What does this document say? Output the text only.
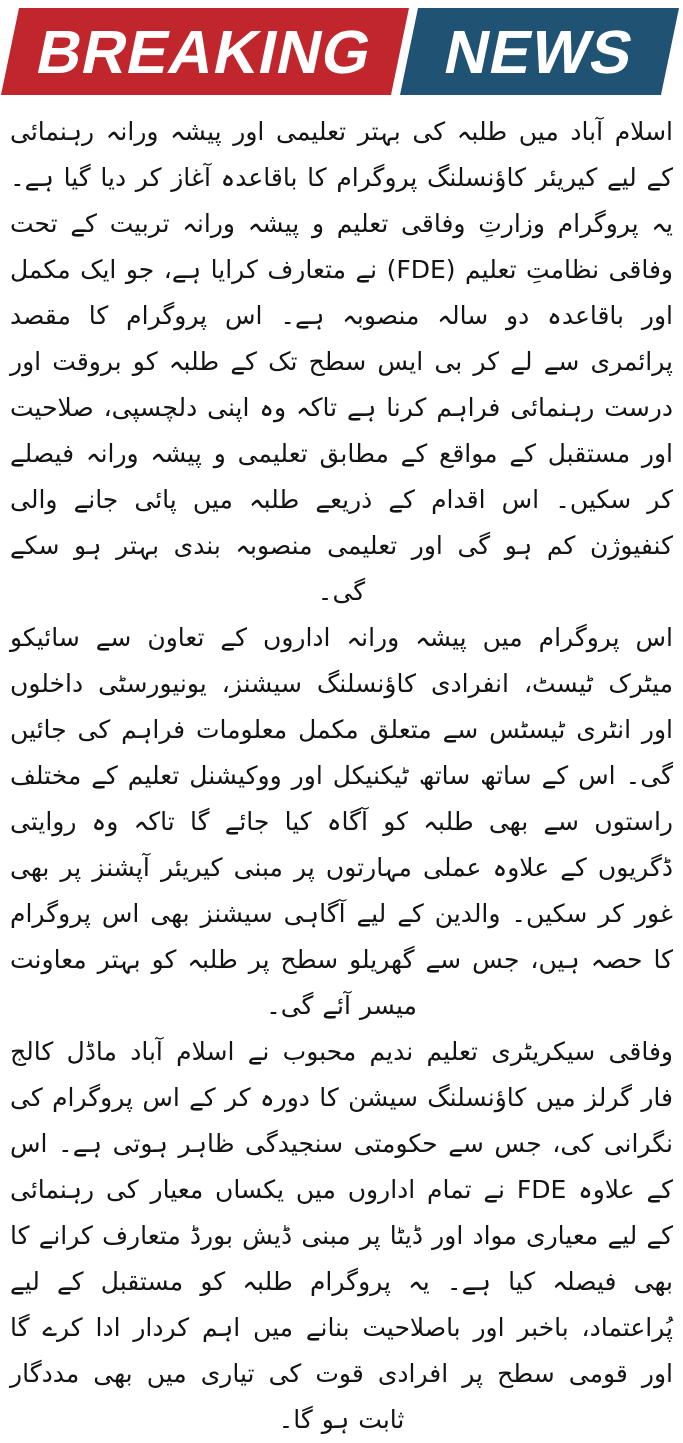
BREAKING NEWS

اسلام آباد میں طلبہ کی بہتر تعلیمی اور پیشہ ورانہ رہنمائی کے لیے کیریئر کاؤنسلنگ پروگرام کا باقاعدہ آغاز کر دیا گیا ہے۔ یہ پروگرام وزارتِ وفاقی تعلیم و پیشہ ورانہ تربیت کے تحت وفاقی نظامتِ تعلیم (FDE) نے متعارف کرایا ہے، جو ایک مکمل اور باقاعدہ دو سالہ منصوبہ ہے۔ اس پروگرام کا مقصد پرائمری سے لے کر بی ایس سطح تک کے طلبہ کو بروقت اور درست رہنمائی فراہم کرنا ہے تاکہ وہ اپنی دلچسپی، صلاحیت اور مستقبل کے مواقع کے مطابق تعلیمی و پیشہ ورانہ فیصلے کر سکیں۔ اس اقدام کے ذریعے طلبہ میں پائی جانے والی کنفیوژن کم ہو گی اور تعلیمی منصوبہ بندی بہتر ہو سکے گی۔

اس پروگرام میں پیشہ ورانہ اداروں کے تعاون سے سائیکو میٹرک ٹیسٹ، انفرادی کاؤنسلنگ سیشنز، یونیورسٹی داخلوں اور انٹری ٹیسٹس سے متعلق مکمل معلومات فراہم کی جائیں گی۔ اس کے ساتھ ساتھ ٹیکنیکل اور ووکیشنل تعلیم کے مختلف راستوں سے بھی طلبہ کو آگاہ کیا جائے گا تاکہ وہ روایتی ڈگریوں کے علاوہ عملی مہارتوں پر مبنی کیریئر آپشنز پر بھی غور کر سکیں۔ والدین کے لیے آگاہی سیشنز بھی اس پروگرام کا حصہ ہیں، جس سے گھریلو سطح پر طلبہ کو بہتر معاونت میسر آئے گی۔

وفاقی سیکریٹری تعلیم ندیم محبوب نے اسلام آباد ماڈل کالج فار گرلز میں کاؤنسلنگ سیشن کا دورہ کر کے اس پروگرام کی نگرانی کی، جس سے حکومتی سنجیدگی ظاہر ہوتی ہے۔ اس کے علاوہ FDE نے تمام اداروں میں یکساں معیار کی رہنمائی کے لیے معیاری مواد اور ڈیٹا پر مبنی ڈیش بورڈ متعارف کرانے کا بھی فیصلہ کیا ہے۔ یہ پروگرام طلبہ کو مستقبل کے لیے پُراعتماد، باخبر اور باصلاحیت بنانے میں اہم کردار ادا کرے گا اور قومی سطح پر افرادی قوت کی تیاری میں بھی مددگار ثابت ہو گا۔
